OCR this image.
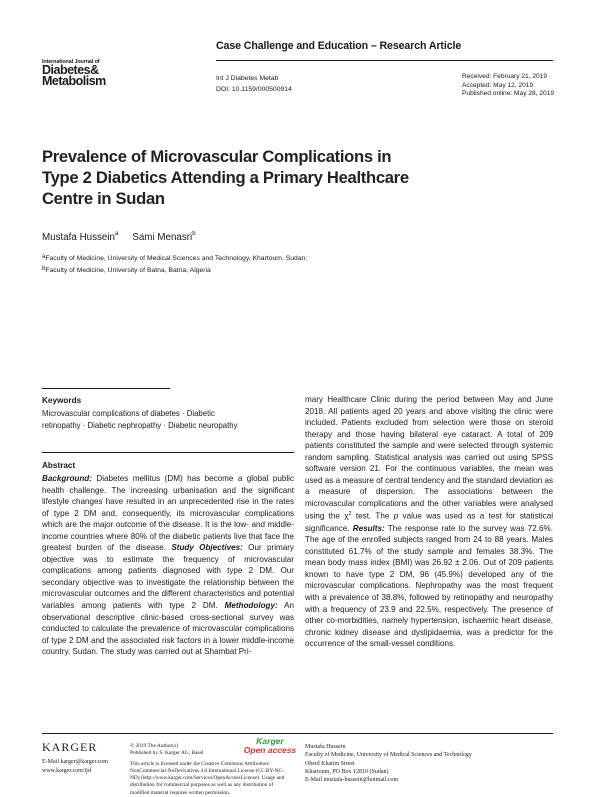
International Journal of
Diabetes&
Metabolism
Case Challenge and Education – Research Article
Int J Diabetes Metab
DOI: 10.1159/000500914
Received: February 21, 2019
Accepted: May 12, 2019
Published online: May 28, 2019
Prevalence of Microvascular Complications in
Type 2 Diabetics Attending a Primary Healthcare
Centre in Sudan
Mustafa Hussein$^a$ Sami Menasri$^b$
aFaculty of Medicine, University of Medical Sciences and Technology, Khartoum, Sudan;
bFaculty of Medicine, University of Batna, Batna, Algeria
Keywords
Microvascular complications of diabetes · Diabetic
retinopathy · Diabetic nephropathy · Diabetic neuropathy
Abstract
Background: Diabetes mellitus (DM) has become a global public health challenge. The increasing urbanisation and the significant lifestyle changes have resulted in an unprecedented rise in the rates of type 2 DM and, consequently, its microvascular complications which are the major outcome of the disease. It is the low- and middle-income countries where 80% of the diabetic patients live that face the greatest burden of the disease. Study Objectives: Our primary objective was to estimate the frequency of microvascular complications among patients diagnosed with type 2 DM. Our secondary objective was to investigate the relationship between the microvascular outcomes and the different characteristics and potential variables among patients with type 2 DM. Methodology: An observational descriptive clinic-based cross-sectional survey was conducted to calculate the prevalence of microvascular complications of type 2 DM and the associated risk factors in a lower middle-income country, Sudan. The study was carried out at Shambat Pri-
mary Healthcare Clinic during the period between May and June 2018. All patients aged 20 years and above visiting the clinic were included. Patients excluded from selection were those on steroid therapy and those having bilateral eye cataract. A total of 209 patients constituted the sample and were selected through systemic random sampling. Statistical analysis was carried out using SPSS software version 21. For the continuous variables, the mean was used as a measure of central tendency and the standard deviation as a measure of dispersion. The associations between the microvascular complications and the other variables were analysed using the $\chi^2$ test. The p value was used as a test for statistical significance. Results: The response rate to the survey was 72.6%. The age of the enrolled subjects ranged from 24 to 88 years. Males constituted 61.7% of the study sample and females 38.3%. The mean body mass index (BMI) was 26.92 ± 2.06. Out of 209 patients known to have type 2 DM, 96 (45.9%) developed any of the microvascular complications. Nephropathy was the most frequent with a prevalence of 38.8%, followed by retinopathy and neuropathy with a frequency of 23.9 and 22.5%, respectively. The presence of other co-morbidities, namely hypertension, ischaemic heart disease, chronic kidney disease and dyslipidaemia, was a predictor for the occurrence of the small-vessel conditions.
KARGER
E-Mail karger@karger.com
www.karger.com/ijd
© 2019 The Author(s)
Published by S. Karger AG, Basel
This article is licensed under the Creative Commons Attribution-NonCommercial-NoDerivatives 4.0 International License (CC BY-NC-ND) (http://www.karger.com/Services/OpenAccessLicense). Usage and distribution for commercial purposes as well as any distribution of modified material requires written permission.
Karger
Open access	Mustafa Hussein
Faculty of Medicine, University of Medical Sciences and Technology
Obeid Khatim Street
Khartoum, PO Box 12810 (Sudan)
E-Mail mustafa-hussein@hotmail.com
